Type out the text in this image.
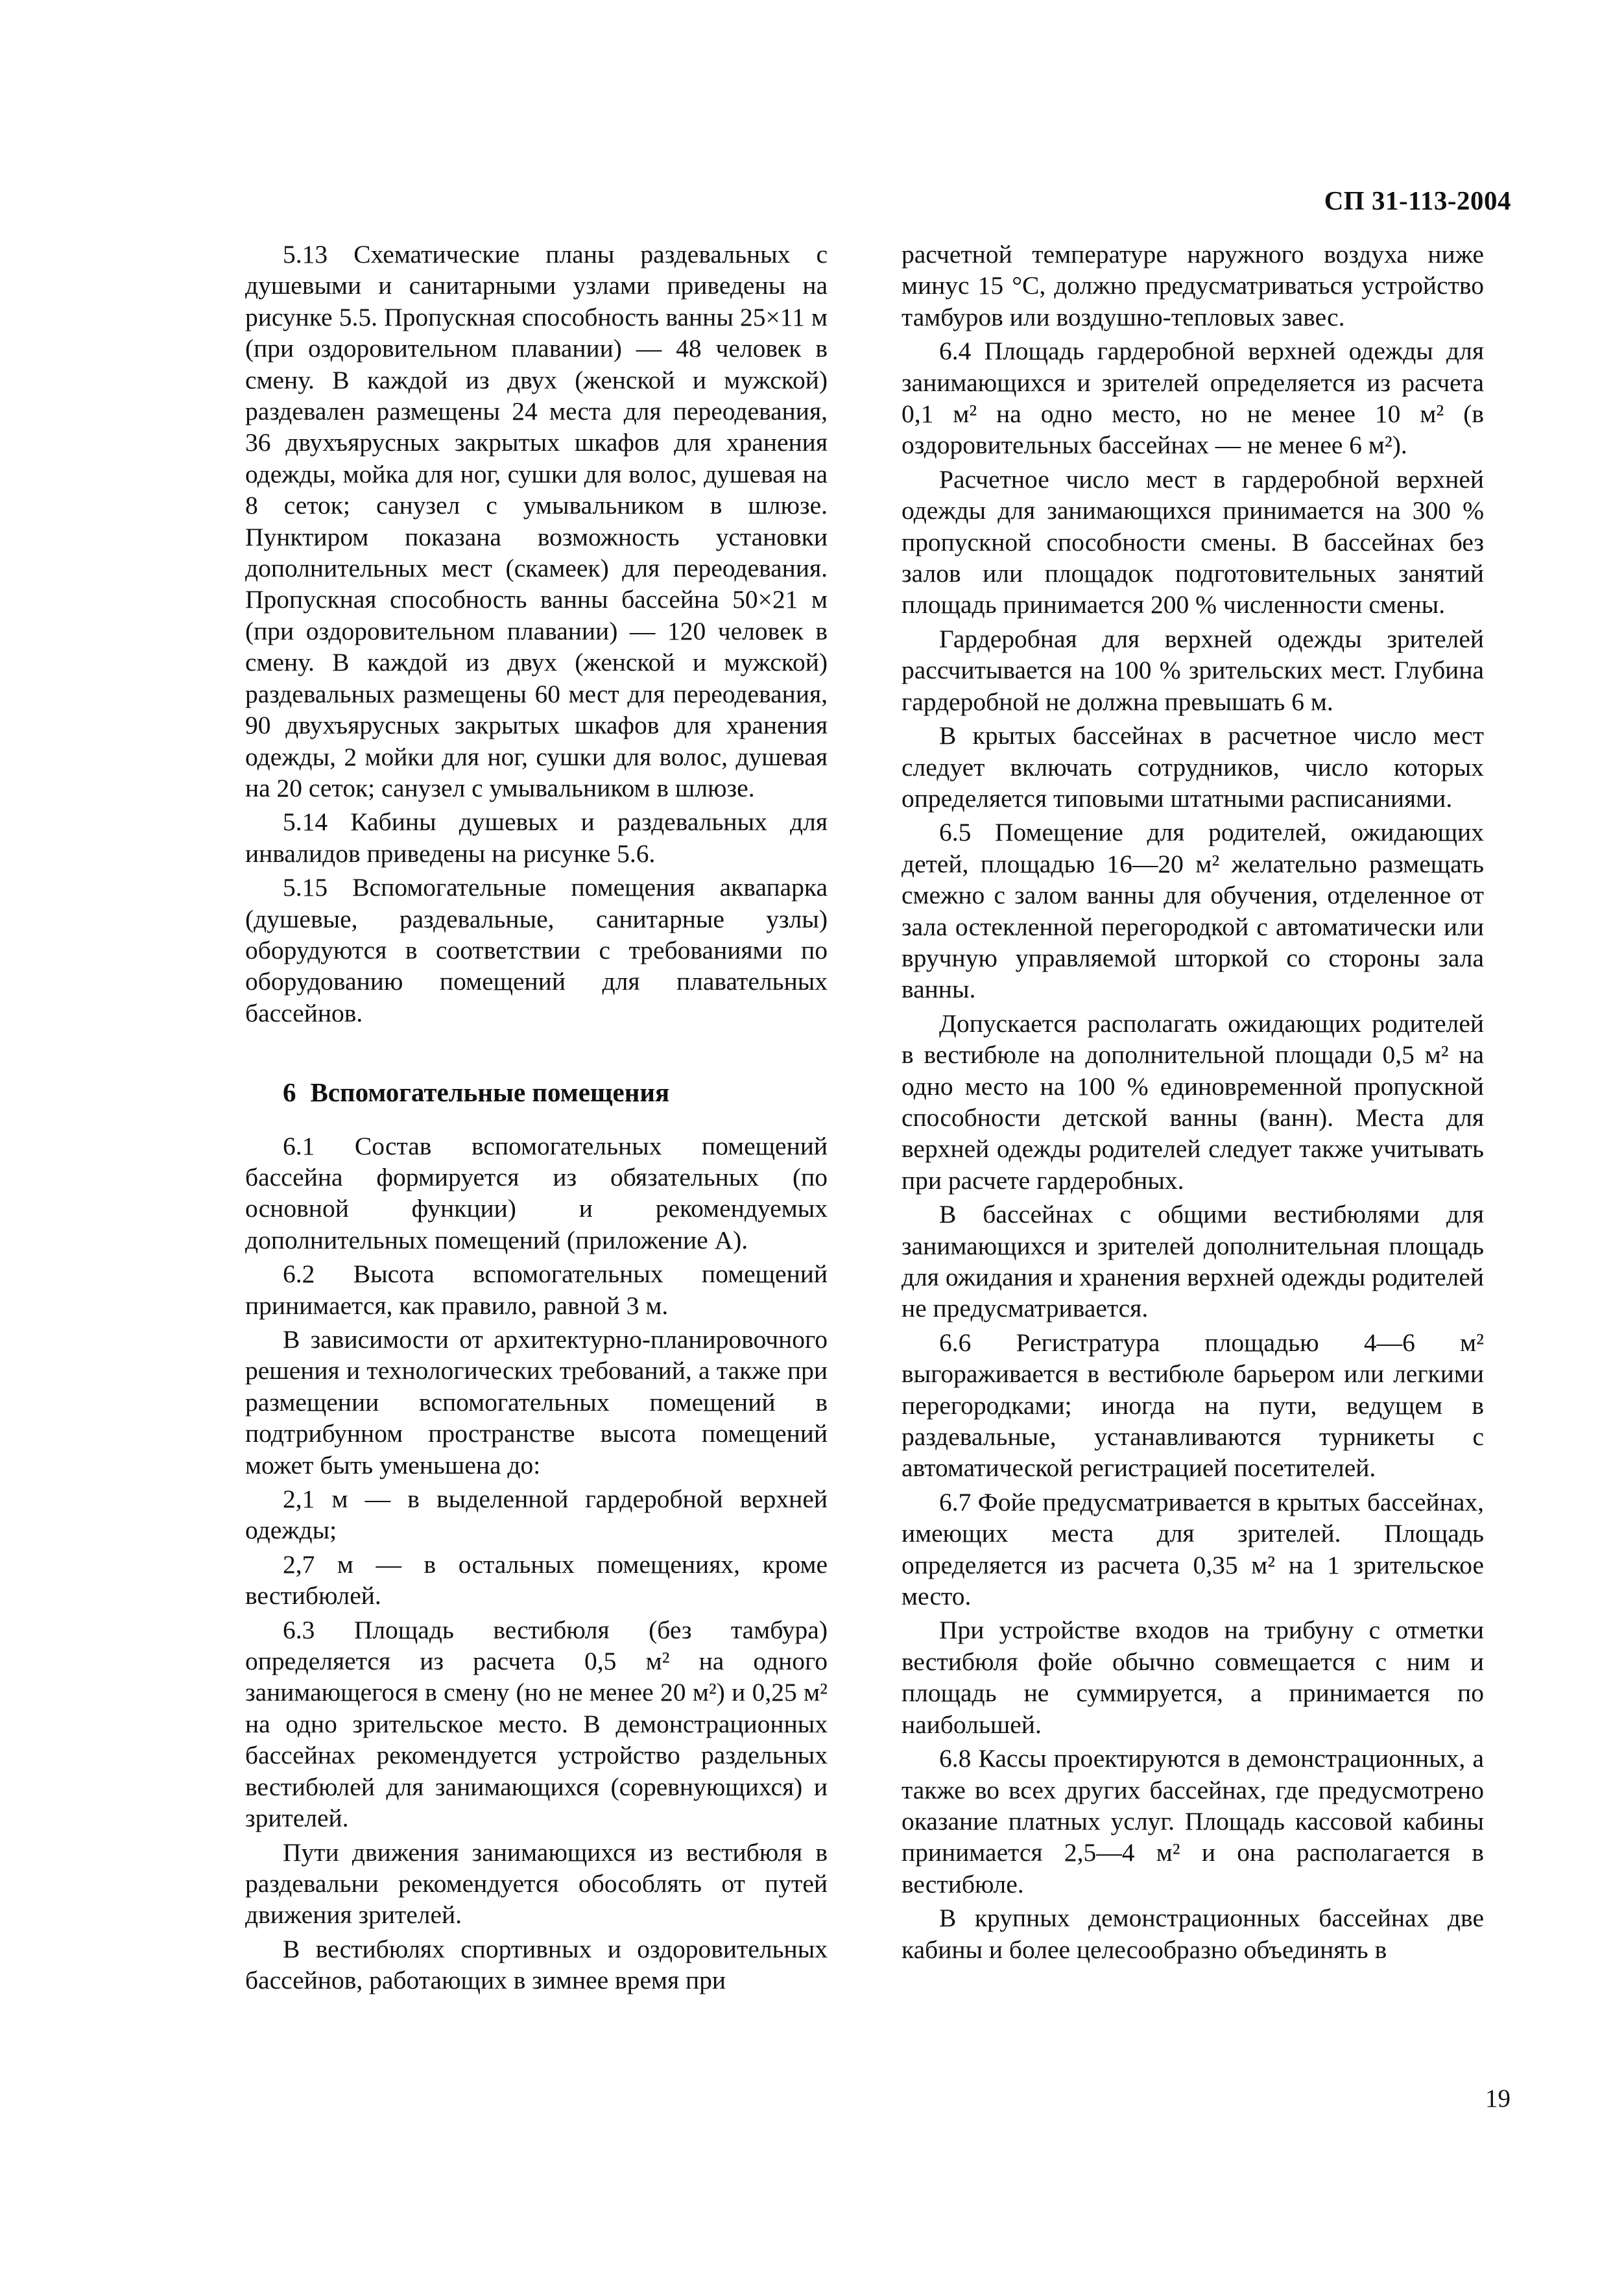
СП 31-113-2004

5.13 Схематические планы раздевальных с душевыми и санитарными узлами приведены на рисунке 5.5. Пропускная способность ванны 25×11 м (при оздоровительном плавании) — 48 человек в смену. В каждой из двух (женской и мужской) раздевален размещены 24 места для переодевания, 36 двухъярусных закрытых шкафов для хранения одежды, мойка для ног, сушки для волос, душевая на 8 сеток; санузел с умывальником в шлюзе. Пунктиром показана возможность установки дополнительных мест (скамеек) для переодевания. Пропускная способность ванны бассейна 50×21 м (при оздоровительном плавании) — 120 человек в смену. В каждой из двух (женской и мужской) раздевальных размещены 60 мест для переодевания, 90 двухъярусных закрытых шкафов для хранения одежды, 2 мойки для ног, сушки для волос, душевая на 20 сеток; санузел с умывальником в шлюзе.

5.14 Кабины душевых и раздевальных для инвалидов приведены на рисунке 5.6.

5.15 Вспомогательные помещения аквапарка (душевые, раздевальные, санитарные узлы) оборудуются в соответствии с требованиями по оборудованию помещений для плавательных бассейнов.

6 Вспомогательные помещения

6.1 Состав вспомогательных помещений бассейна формируется из обязательных (по основной функции) и рекомендуемых дополнительных помещений (приложение А).

6.2 Высота вспомогательных помещений принимается, как правило, равной 3 м.

В зависимости от архитектурно-планировочного решения и технологических требований, а также при размещении вспомогательных помещений в подтрибунном пространстве высота помещений может быть уменьшена до:

2,1 м — в выделенной гардеробной верхней одежды;

2,7 м — в остальных помещениях, кроме вестибюлей.

6.3 Площадь вестибюля (без тамбура) определяется из расчета 0,5 м² на одного занимающегося в смену (но не менее 20 м²) и 0,25 м² на одно зрительское место. В демонстрационных бассейнах рекомендуется устройство раздельных вестибюлей для занимающихся (соревнующихся) и зрителей.

Пути движения занимающихся из вестибюля в раздевальни рекомендуется обособлять от путей движения зрителей.

В вестибюлях спортивных и оздоровительных бассейнов, работающих в зимнее время при

расчетной температуре наружного воздуха ниже минус 15 °С, должно предусматриваться устройство тамбуров или воздушно-тепловых завес.

6.4 Площадь гардеробной верхней одежды для занимающихся и зрителей определяется из расчета 0,1 м² на одно место, но не менее 10 м² (в оздоровительных бассейнах — не менее 6 м²).

Расчетное число мест в гардеробной верхней одежды для занимающихся принимается на 300 % пропускной способности смены. В бассейнах без залов или площадок подготовительных занятий площадь принимается 200 % численности смены.

Гардеробная для верхней одежды зрителей рассчитывается на 100 % зрительских мест. Глубина гардеробной не должна превышать 6 м.

В крытых бассейнах в расчетное число мест следует включать сотрудников, число которых определяется типовыми штатными расписаниями.

6.5 Помещение для родителей, ожидающих детей, площадью 16—20 м² желательно размещать смежно с залом ванны для обучения, отделенное от зала остекленной перегородкой с автоматически или вручную управляемой шторкой со стороны зала ванны.

Допускается располагать ожидающих родителей в вестибюле на дополнительной площади 0,5 м² на одно место на 100 % единовременной пропускной способности детской ванны (ванн). Места для верхней одежды родителей следует также учитывать при расчете гардеробных.

В бассейнах с общими вестибюлями для занимающихся и зрителей дополнительная площадь для ожидания и хранения верхней одежды родителей не предусматривается.

6.6 Регистратура площадью 4—6 м² выгораживается в вестибюле барьером или легкими перегородками; иногда на пути, ведущем в раздевальные, устанавливаются турникеты с автоматической регистрацией посетителей.

6.7 Фойе предусматривается в крытых бассейнах, имеющих места для зрителей. Площадь определяется из расчета 0,35 м² на 1 зрительское место.

При устройстве входов на трибуну с отметки вестибюля фойе обычно совмещается с ним и площадь не суммируется, а принимается по наибольшей.

6.8 Кассы проектируются в демонстрационных, а также во всех других бассейнах, где предусмотрено оказание платных услуг. Площадь кассовой кабины принимается 2,5—4 м² и она располагается в вестибюле.

В крупных демонстрационных бассейнах две кабины и более целесообразно объединять в

19
